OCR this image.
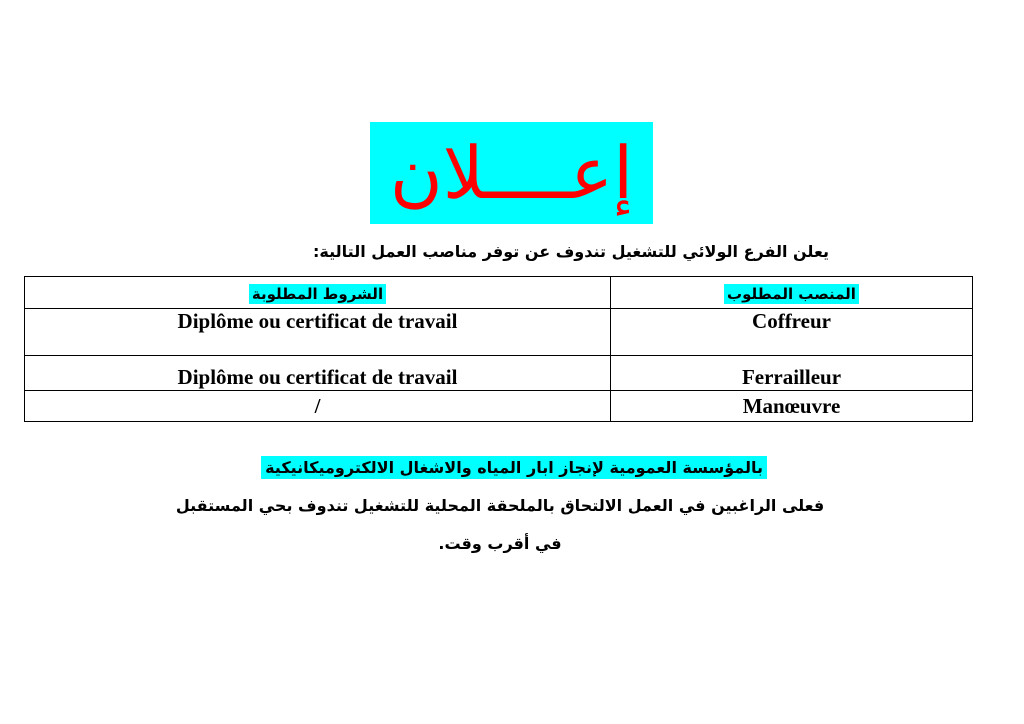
إعــــلان
يعلن الفرع الولائي للتشغيل تندوف عن توفر مناصب العمل التالية:
الشروط المطلوبة	المنصب المطلوب
Diplôme ou certificat de travail	Coffreur
Diplôme ou certificat de travail	Ferrailleur
/	Manœuvre
بالمؤسسة العمومية لإنجاز ابار المياه والاشغال الالكتروميكانيكية
فعلى الراغبين في العمل الالتحاق بالملحقة المحلية للتشغيل تندوف بحي المستقبل
في أقرب وقت.
